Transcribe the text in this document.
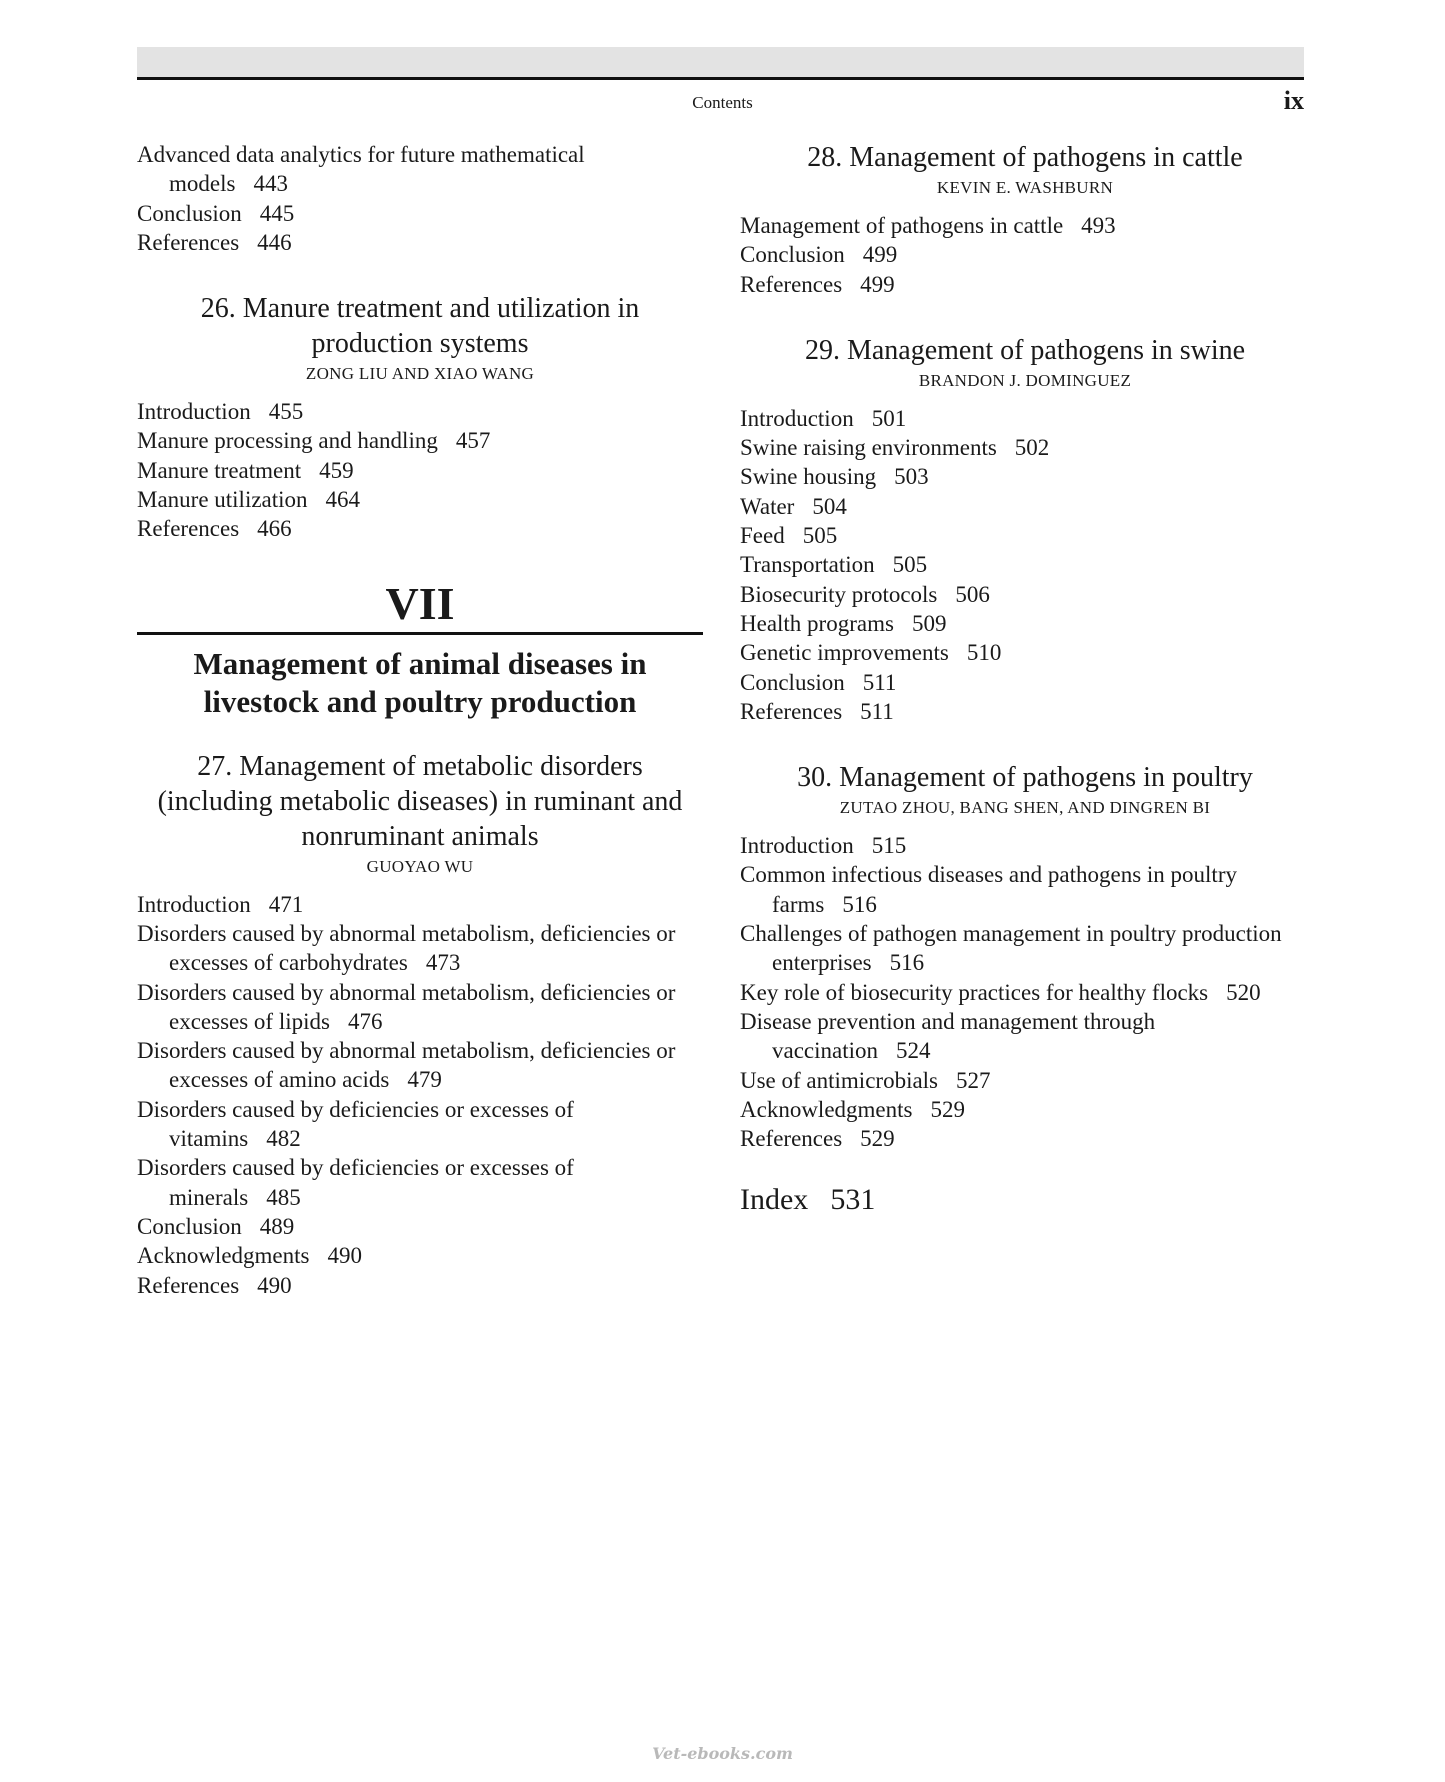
Contents	ix
Advanced data analytics for future mathematical models 443
Conclusion 445
References 446
26. Manure treatment and utilization in production systems
ZONG LIU AND XIAO WANG
Introduction 455
Manure processing and handling 457
Manure treatment 459
Manure utilization 464
References 466
VII
Management of animal diseases in livestock and poultry production
27. Management of metabolic disorders (including metabolic diseases) in ruminant and nonruminant animals
GUOYAO WU
Introduction 471
Disorders caused by abnormal metabolism, deficiencies or excesses of carbohydrates 473
Disorders caused by abnormal metabolism, deficiencies or excesses of lipids 476
Disorders caused by abnormal metabolism, deficiencies or excesses of amino acids 479
Disorders caused by deficiencies or excesses of vitamins 482
Disorders caused by deficiencies or excesses of minerals 485
Conclusion 489
Acknowledgments 490
References 490
28. Management of pathogens in cattle
KEVIN E. WASHBURN
Management of pathogens in cattle 493
Conclusion 499
References 499
29. Management of pathogens in swine
BRANDON J. DOMINGUEZ
Introduction 501
Swine raising environments 502
Swine housing 503
Water 504
Feed 505
Transportation 505
Biosecurity protocols 506
Health programs 509
Genetic improvements 510
Conclusion 511
References 511
30. Management of pathogens in poultry
ZUTAO ZHOU, BANG SHEN, AND DINGREN BI
Introduction 515
Common infectious diseases and pathogens in poultry farms 516
Challenges of pathogen management in poultry production enterprises 516
Key role of biosecurity practices for healthy flocks 520
Disease prevention and management through vaccination 524
Use of antimicrobials 527
Acknowledgments 529
References 529
Index 531
Vet-ebooks.com
